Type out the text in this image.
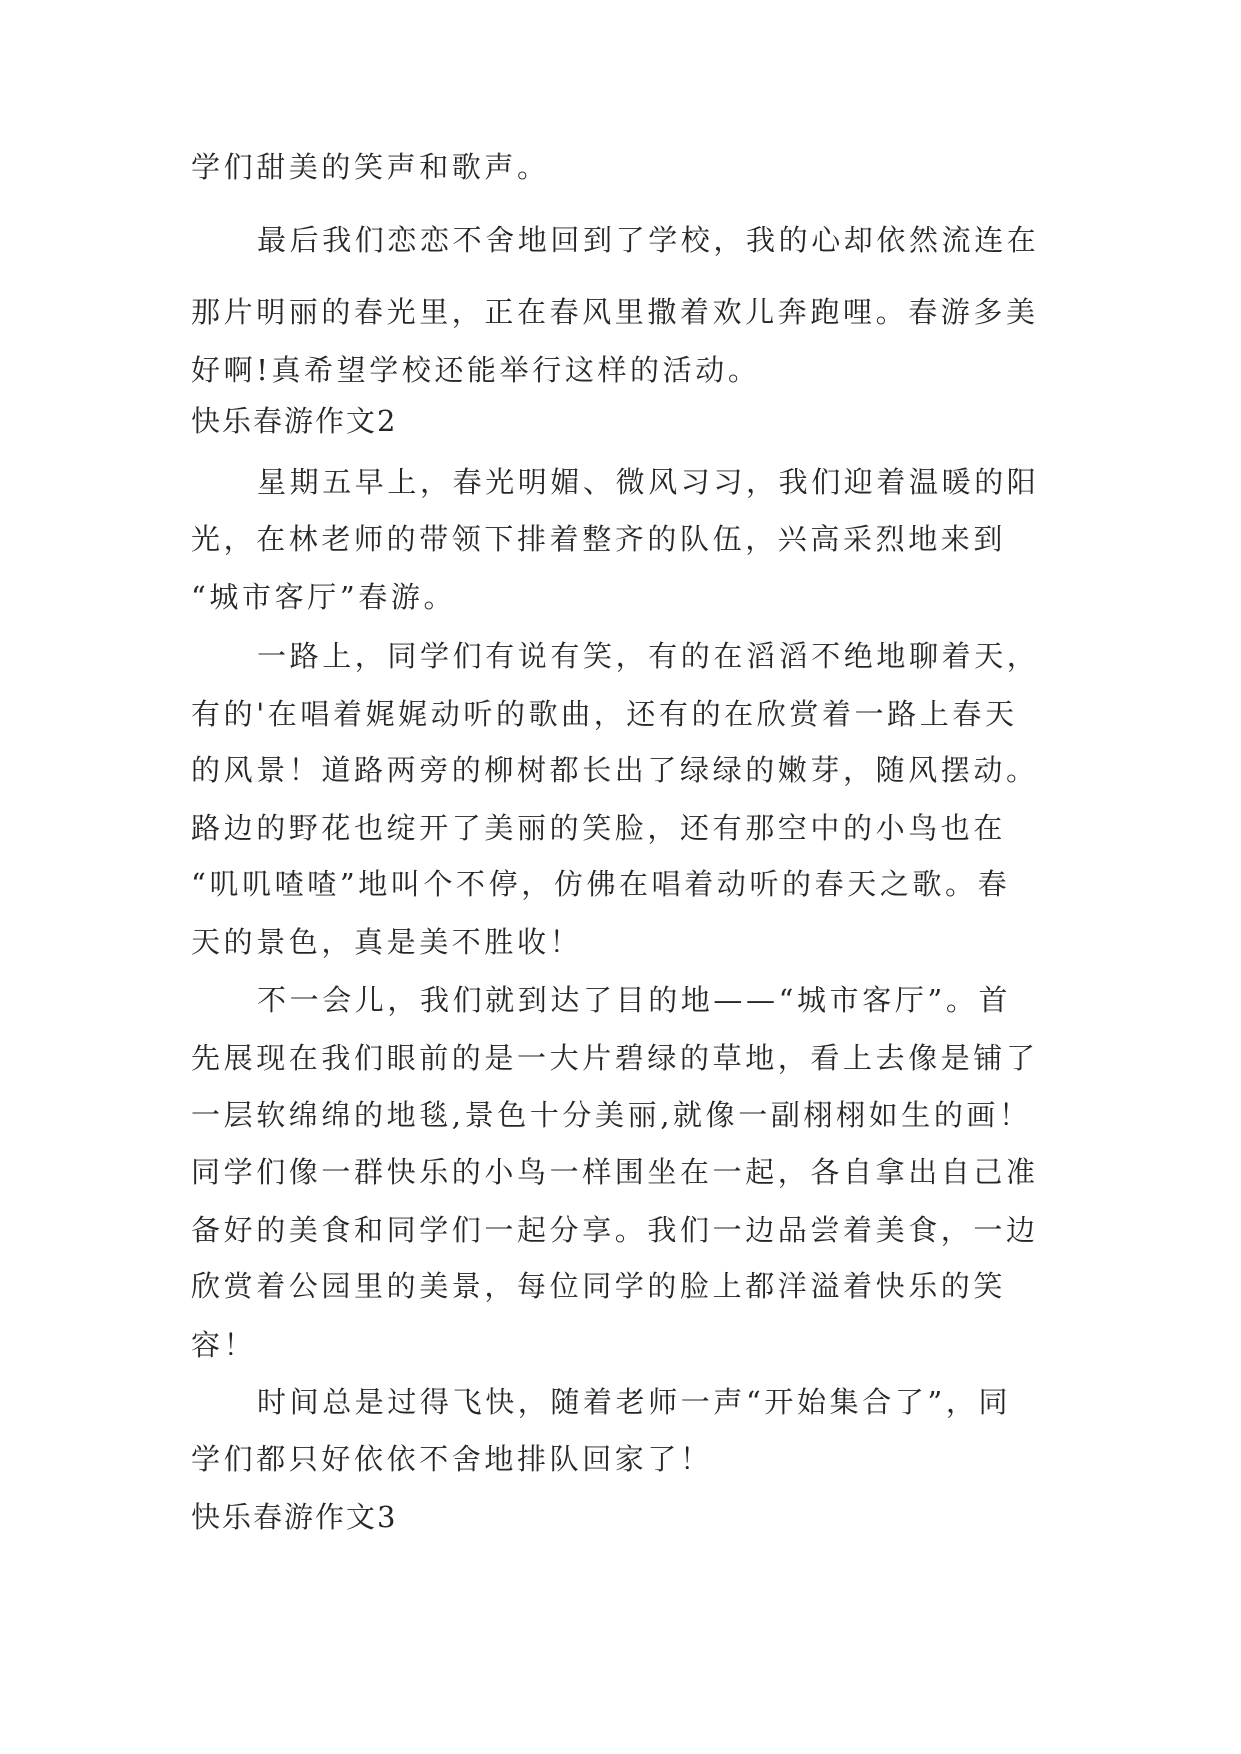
学们甜美的笑声和歌声。
最后我们恋恋不舍地回到了学校，我的心却依然流连在
那片明丽的春光里，正在春风里撒着欢儿奔跑哩。春游多美
好啊!真希望学校还能举行这样的活动。
快乐春游作文2
星期五早上，春光明媚、微风习习，我们迎着温暖的阳
光，在林老师的带领下排着整齐的队伍，兴高采烈地来到
“城市客厅”春游。
一路上，同学们有说有笑，有的在滔滔不绝地聊着天，
有的'在唱着娓娓动听的歌曲，还有的在欣赏着一路上春天
的风景！道路两旁的柳树都长出了绿绿的嫩芽，随风摆动。
路边的野花也绽开了美丽的笑脸，还有那空中的小鸟也在
“叽叽喳喳”地叫个不停，仿佛在唱着动听的春天之歌。春
天的景色，真是美不胜收！
不一会儿，我们就到达了目的地——“城市客厅”。首
先展现在我们眼前的是一大片碧绿的草地，看上去像是铺了
一层软绵绵的地毯,景色十分美丽,就像一副栩栩如生的画！
同学们像一群快乐的小鸟一样围坐在一起，各自拿出自己准
备好的美食和同学们一起分享。我们一边品尝着美食，一边
欣赏着公园里的美景，每位同学的脸上都洋溢着快乐的笑
容！
时间总是过得飞快，随着老师一声“开始集合了”，同
学们都只好依依不舍地排队回家了！
快乐春游作文3
